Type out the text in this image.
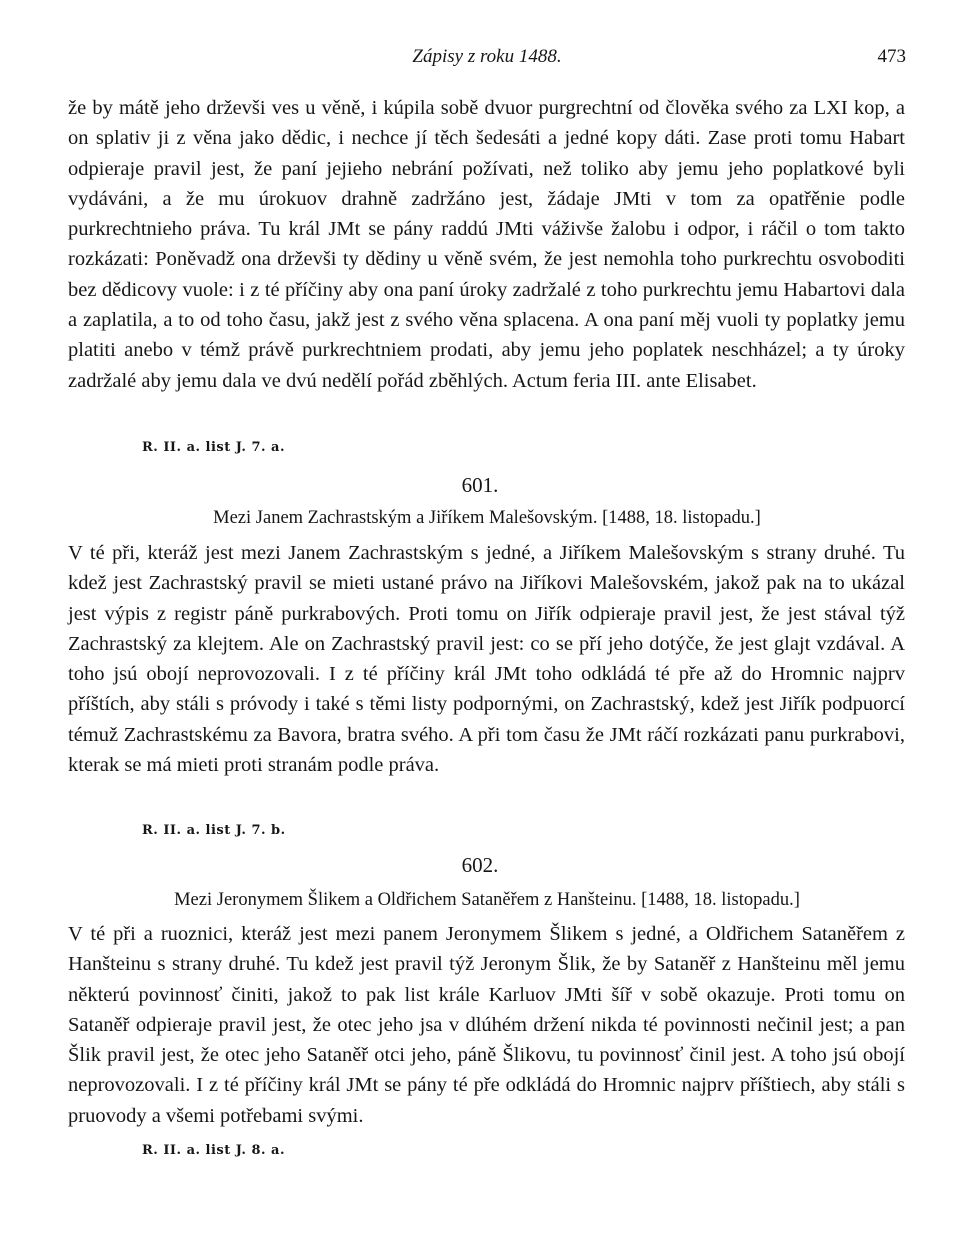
Zápisy z roku 1488.	473

že by mátě jeho drževši ves u věně, i kúpila sobě dvuor purgrechtní od člověka svého za LXI kop, a on splativ ji z věna jako dědic, i nechce jí těch šedesáti a jedné kopy dáti. Zase proti tomu Habart odpieraje pravil jest, že paní jejieho nebrání požívati, než toliko aby jemu jeho poplatkové byli vydáváni, a že mu úrokuov drahně zadržáno jest, žádaje JMti v tom za opatřěnie podle purkrechtnieho práva. Tu král JMt se pány raddú JMti váživše žalobu i odpor, i ráčil o tom takto rozkázati: Poněvadž ona drževši ty dědiny u věně svém, že jest nemohla toho purkrechtu osvoboditi bez dědicovy vuole: i z té příčiny aby ona paní úroky zadržalé z toho purkrechtu jemu Habartovi dala a zaplatila, a to od toho času, jakž jest z svého věna splacena. A ona paní měj vuoli ty poplatky jemu platiti anebo v témž právě purkrechtniem prodati, aby jemu jeho poplatek neschházel; a ty úroky zadržalé aby jemu dala ve dvú nedělí pořád zběhlých. Actum feria III. ante Elisabet.

R. II. a. list J. 7. a.
601.
Mezi Janem Zachrastským a Jiříkem Malešovským. [1488, 18. listopadu.]

V té při, kteráž jest mezi Janem Zachrastským s jedné, a Jiříkem Malešovským s strany druhé. Tu kdež jest Zachrastský pravil se mieti ustané právo na Jiříkovi Malešovském, jakož pak na to ukázal jest výpis z registr páně purkrabových. Proti tomu on Jiřík odpieraje pravil jest, že jest stával týž Zachrastský za klejtem. Ale on Zachrastský pravil jest: co se pří jeho dotýče, že jest glajt vzdával. A toho jsú obojí neprovozovali. I z té příčiny král JMt toho odkládá té pře až do Hromnic najprv příštích, aby stáli s próvody i také s těmi listy podpornými, on Zachrastský, kdež jest Jiřík podpuorcí témuž Zachrastskému za Bavora, bratra svého. A při tom času že JMt ráčí rozkázati panu purkrabovi, kterak se má mieti proti stranám podle práva.

R. II. a. list J. 7. b.
602.
Mezi Jeronymem Šlikem a Oldřichem Sataněřem z Hanšteinu. [1488, 18. listopadu.]

V té při a ruoznici, kteráž jest mezi panem Jeronymem Šlikem s jedné, a Oldřichem Sataněřem z Hanšteinu s strany druhé. Tu kdež jest pravil týž Jeronym Šlik, že by Sataněř z Hanšteinu měl jemu některú povinnosť činiti, jakož to pak list krále Karluov JMti šíř v sobě okazuje. Proti tomu on Sataněř odpieraje pravil jest, že otec jeho jsa v dlúhém držení nikda té povinnosti nečinil jest; a pan Šlik pravil jest, že otec jeho Sataněř otci jeho, páně Šlikovu, tu povinnosť činil jest. A toho jsú obojí neprovozovali. I z té příčiny král JMt se pány té pře odkládá do Hromnic najprv příštiech, aby stáli s pruovody a všemi potřebami svými.

R. II. a. list J. 8. a.
